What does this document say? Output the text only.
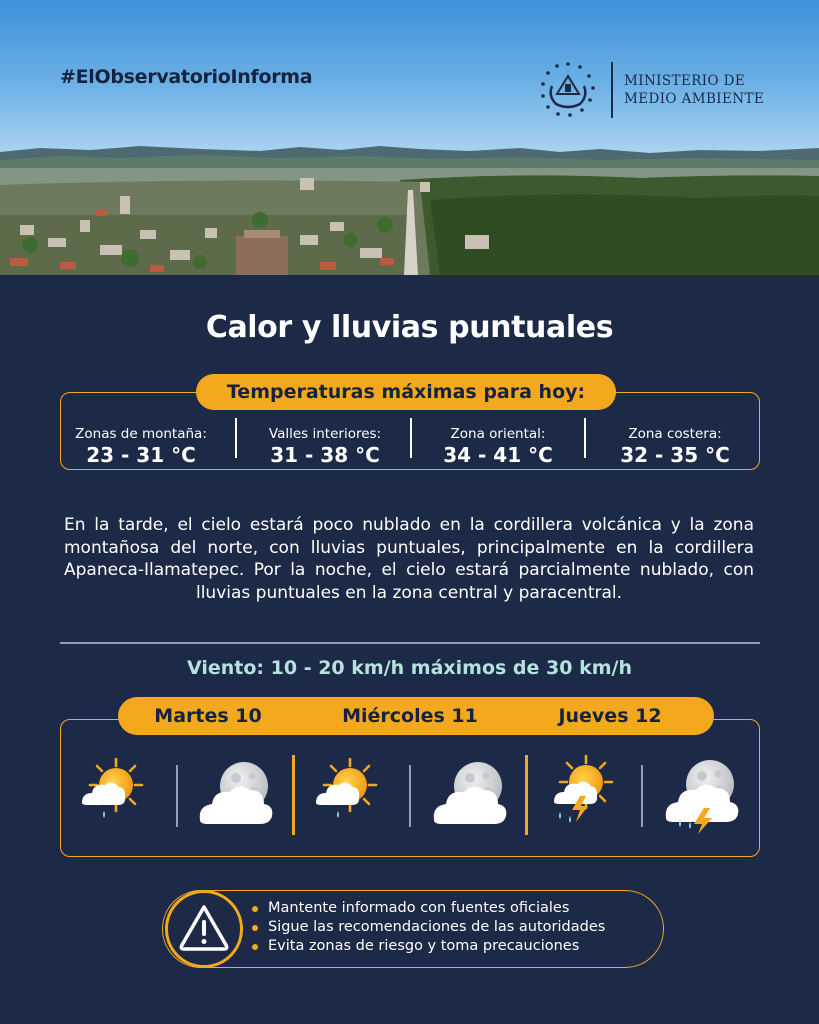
#ElObservatorioInforma	MINISTERIO DE
MEDIO AMBIENTE
Calor y lluvias puntuales
Temperaturas máximas para hoy:
Zonas de montaña:
23 - 31 °C
Valles interiores:
31 - 38 °C
Zona oriental:
34 - 41 °C
Zona costera:
32 - 35 °C

En la tarde, el cielo estará poco nublado en la cordillera volcánica y la zona montañosa del norte, con lluvias puntuales, principalmente en la cordillera Apaneca-Ilamatepec. Por la noche, el cielo estará parcialmente nublado, con lluvias puntuales en la zona central y paracentral.

Viento: 10 - 20 km/h máximos de 30 km/h
Martes 10	Miércoles 11	Jueves 12
Mantente informado con fuentes oficiales
Sigue las recomendaciones de las autoridades
Evita zonas de riesgo y toma precauciones
